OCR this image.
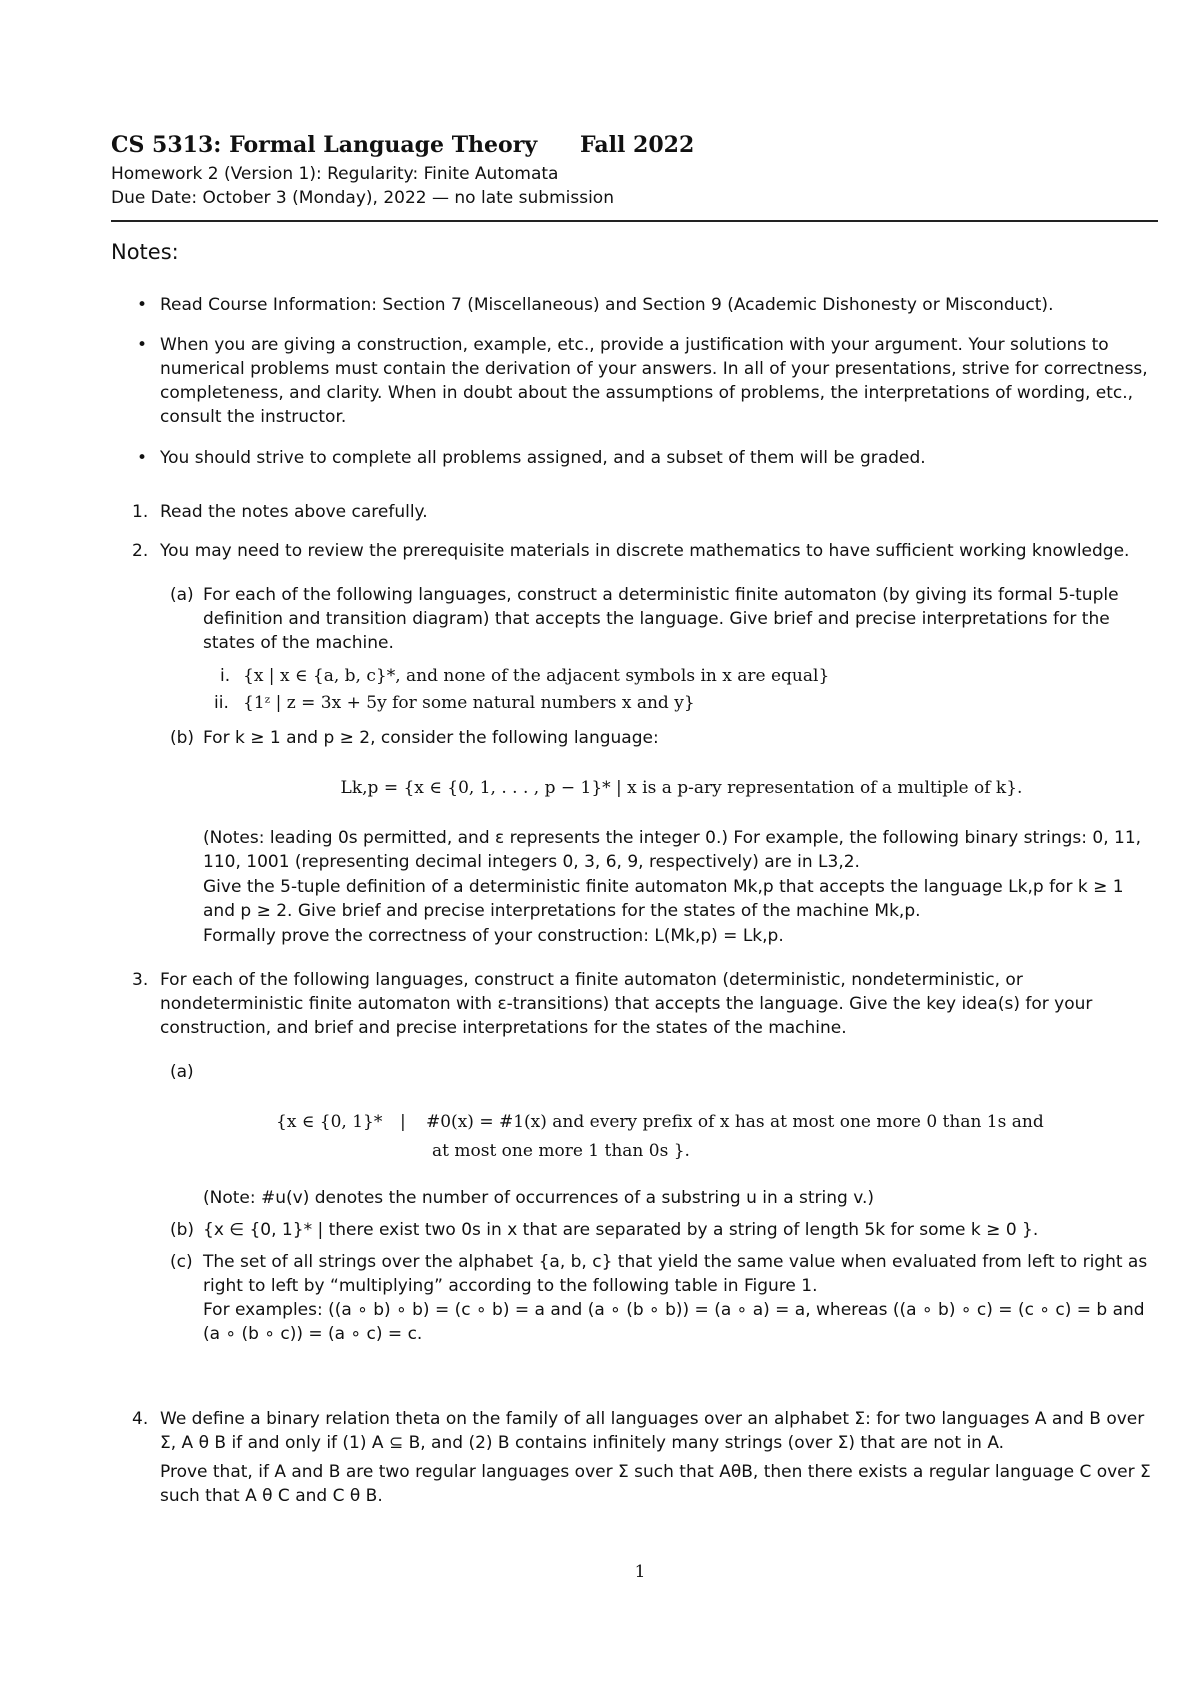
CS 5313: Formal Language Theory Fall 2022
Homework 2 (Version 1): Regularity: Finite Automata
Due Date: October 3 (Monday), 2022 — no late submission
Notes:
• Read Course Information: Section 7 (Miscellaneous) and Section 9 (Academic Dishonesty or Misconduct).
• When you are giving a construction, example, etc., provide a justification with your argument. Your solutions to numerical problems must contain the derivation of your answers. In all of your presentations, strive for correctness, completeness, and clarity. When in doubt about the assumptions of problems, the interpretations of wording, etc., consult the instructor.
• You should strive to complete all problems assigned, and a subset of them will be graded.
1. Read the notes above carefully.
2. You may need to review the prerequisite materials in discrete mathematics to have sufficient working knowledge.
(a) For each of the following languages, construct a deterministic finite automaton (by giving its formal 5-tuple definition and transition diagram) that accepts the language. Give brief and precise interpretations for the states of the machine.
i. {x | x ∈ {a, b, c}*, and none of the adjacent symbols in x are equal}
ii. {1ᶻ | z = 3x + 5y for some natural numbers x and y}
(b) For k ≥ 1 and p ≥ 2, consider the following language:
Lk,p = {x ∈ {0, 1, . . . , p − 1}* | x is a p-ary representation of a multiple of k}.
(Notes: leading 0s permitted, and ε represents the integer 0.) For example, the following binary strings: 0, 11, 110, 1001 (representing decimal integers 0, 3, 6, 9, respectively) are in L3,2.
Give the 5-tuple definition of a deterministic finite automaton Mk,p that accepts the language Lk,p for k ≥ 1 and p ≥ 2. Give brief and precise interpretations for the states of the machine Mk,p.
Formally prove the correctness of your construction: L(Mk,p) = Lk,p.
3. For each of the following languages, construct a finite automaton (deterministic, nondeterministic, or nondeterministic finite automaton with ε-transitions) that accepts the language. Give the key idea(s) for your construction, and brief and precise interpretations for the states of the machine.
(a)
{x ∈ {0, 1}* | #0(x) = #1(x) and every prefix of x has at most one more 0 than 1s and
at most one more 1 than 0s }.
(Note: #u(v) denotes the number of occurrences of a substring u in a string v.)
(b) {x ∈ {0, 1}* | there exist two 0s in x that are separated by a string of length 5k for some k ≥ 0 }.
(c) The set of all strings over the alphabet {a, b, c} that yield the same value when evaluated from left to right as right to left by “multiplying” according to the following table in Figure 1.
For examples: ((a ∘ b) ∘ b) = (c ∘ b) = a and (a ∘ (b ∘ b)) = (a ∘ a) = a, whereas ((a ∘ b) ∘ c) = (c ∘ c) = b and (a ∘ (b ∘ c)) = (a ∘ c) = c.
4. We define a binary relation theta on the family of all languages over an alphabet Σ: for two languages A and B over Σ, A θ B if and only if (1) A ⊆ B, and (2) B contains infinitely many strings (over Σ) that are not in A.
Prove that, if A and B are two regular languages over Σ such that AθB, then there exists a regular language C over Σ such that A θ C and C θ B.
1
